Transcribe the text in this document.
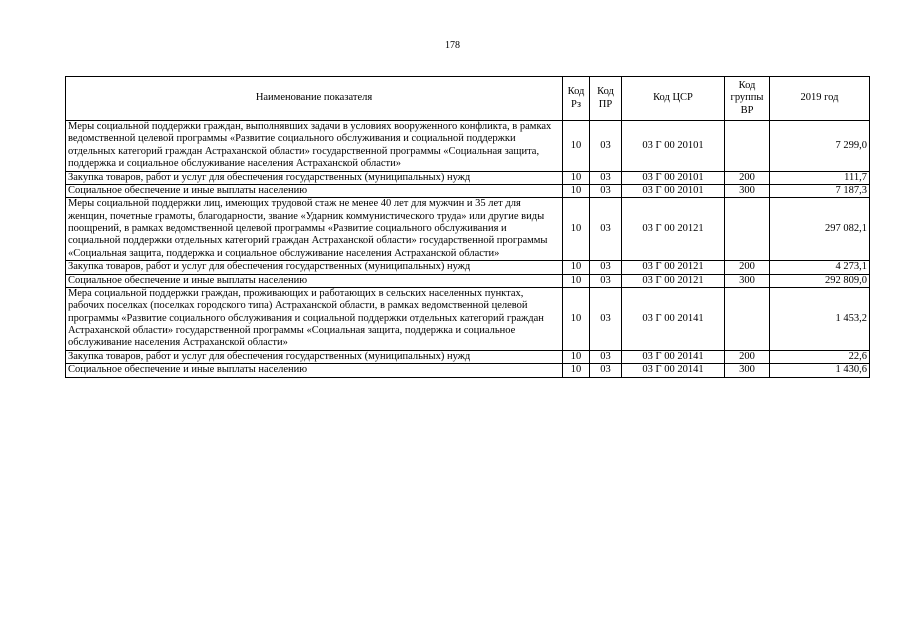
178
Наименование показателя	Код Рз	Код ПР	Код ЦСР	Код группы ВР	2019 год
Меры социальной поддержки граждан, выполнявших задачи в условиях вооруженного конфликта, в рамках ведомственной целевой программы «Развитие социального обслуживания и социальной поддержки отдельных категорий граждан Астраханской области» государственной программы «Социальная защита, поддержка и социальное обслуживание населения Астраханской области»	10	03	03 Г 00 20101		7 299,0
Закупка товаров, работ и услуг для обеспечения государственных (муниципальных) нужд	10	03	03 Г 00 20101	200	111,7
Социальное обеспечение и иные выплаты населению	10	03	03 Г 00 20101	300	7 187,3
Меры социальной поддержки лиц, имеющих трудовой стаж не менее 40 лет для мужчин и 35 лет для женщин, почетные грамоты, благодарности, звание «Ударник коммунистического труда» или другие виды поощрений, в рамках ведомственной целевой программы «Развитие социального обслуживания и социальной поддержки отдельных категорий граждан Астраханской области» государственной программы «Социальная защита, поддержка и социальное обслуживание населения Астраханской области»	10	03	03 Г 00 20121		297 082,1
Закупка товаров, работ и услуг для обеспечения государственных (муниципальных) нужд	10	03	03 Г 00 20121	200	4 273,1
Социальное обеспечение и иные выплаты населению	10	03	03 Г 00 20121	300	292 809,0
Мера социальной поддержки граждан, проживающих и работающих в сельских населенных пунктах, рабочих поселках (поселках городского типа) Астраханской области, в рамках ведомственной целевой программы «Развитие социального обслуживания и социальной поддержки отдельных категорий граждан Астраханской области» государственной программы «Социальная защита, поддержка и социальное обслуживание населения Астраханской области»	10	03	03 Г 00 20141		1 453,2
Закупка товаров, работ и услуг для обеспечения государственных (муниципальных) нужд	10	03	03 Г 00 20141	200	22,6
Социальное обеспечение и иные выплаты населению	10	03	03 Г 00 20141	300	1 430,6
